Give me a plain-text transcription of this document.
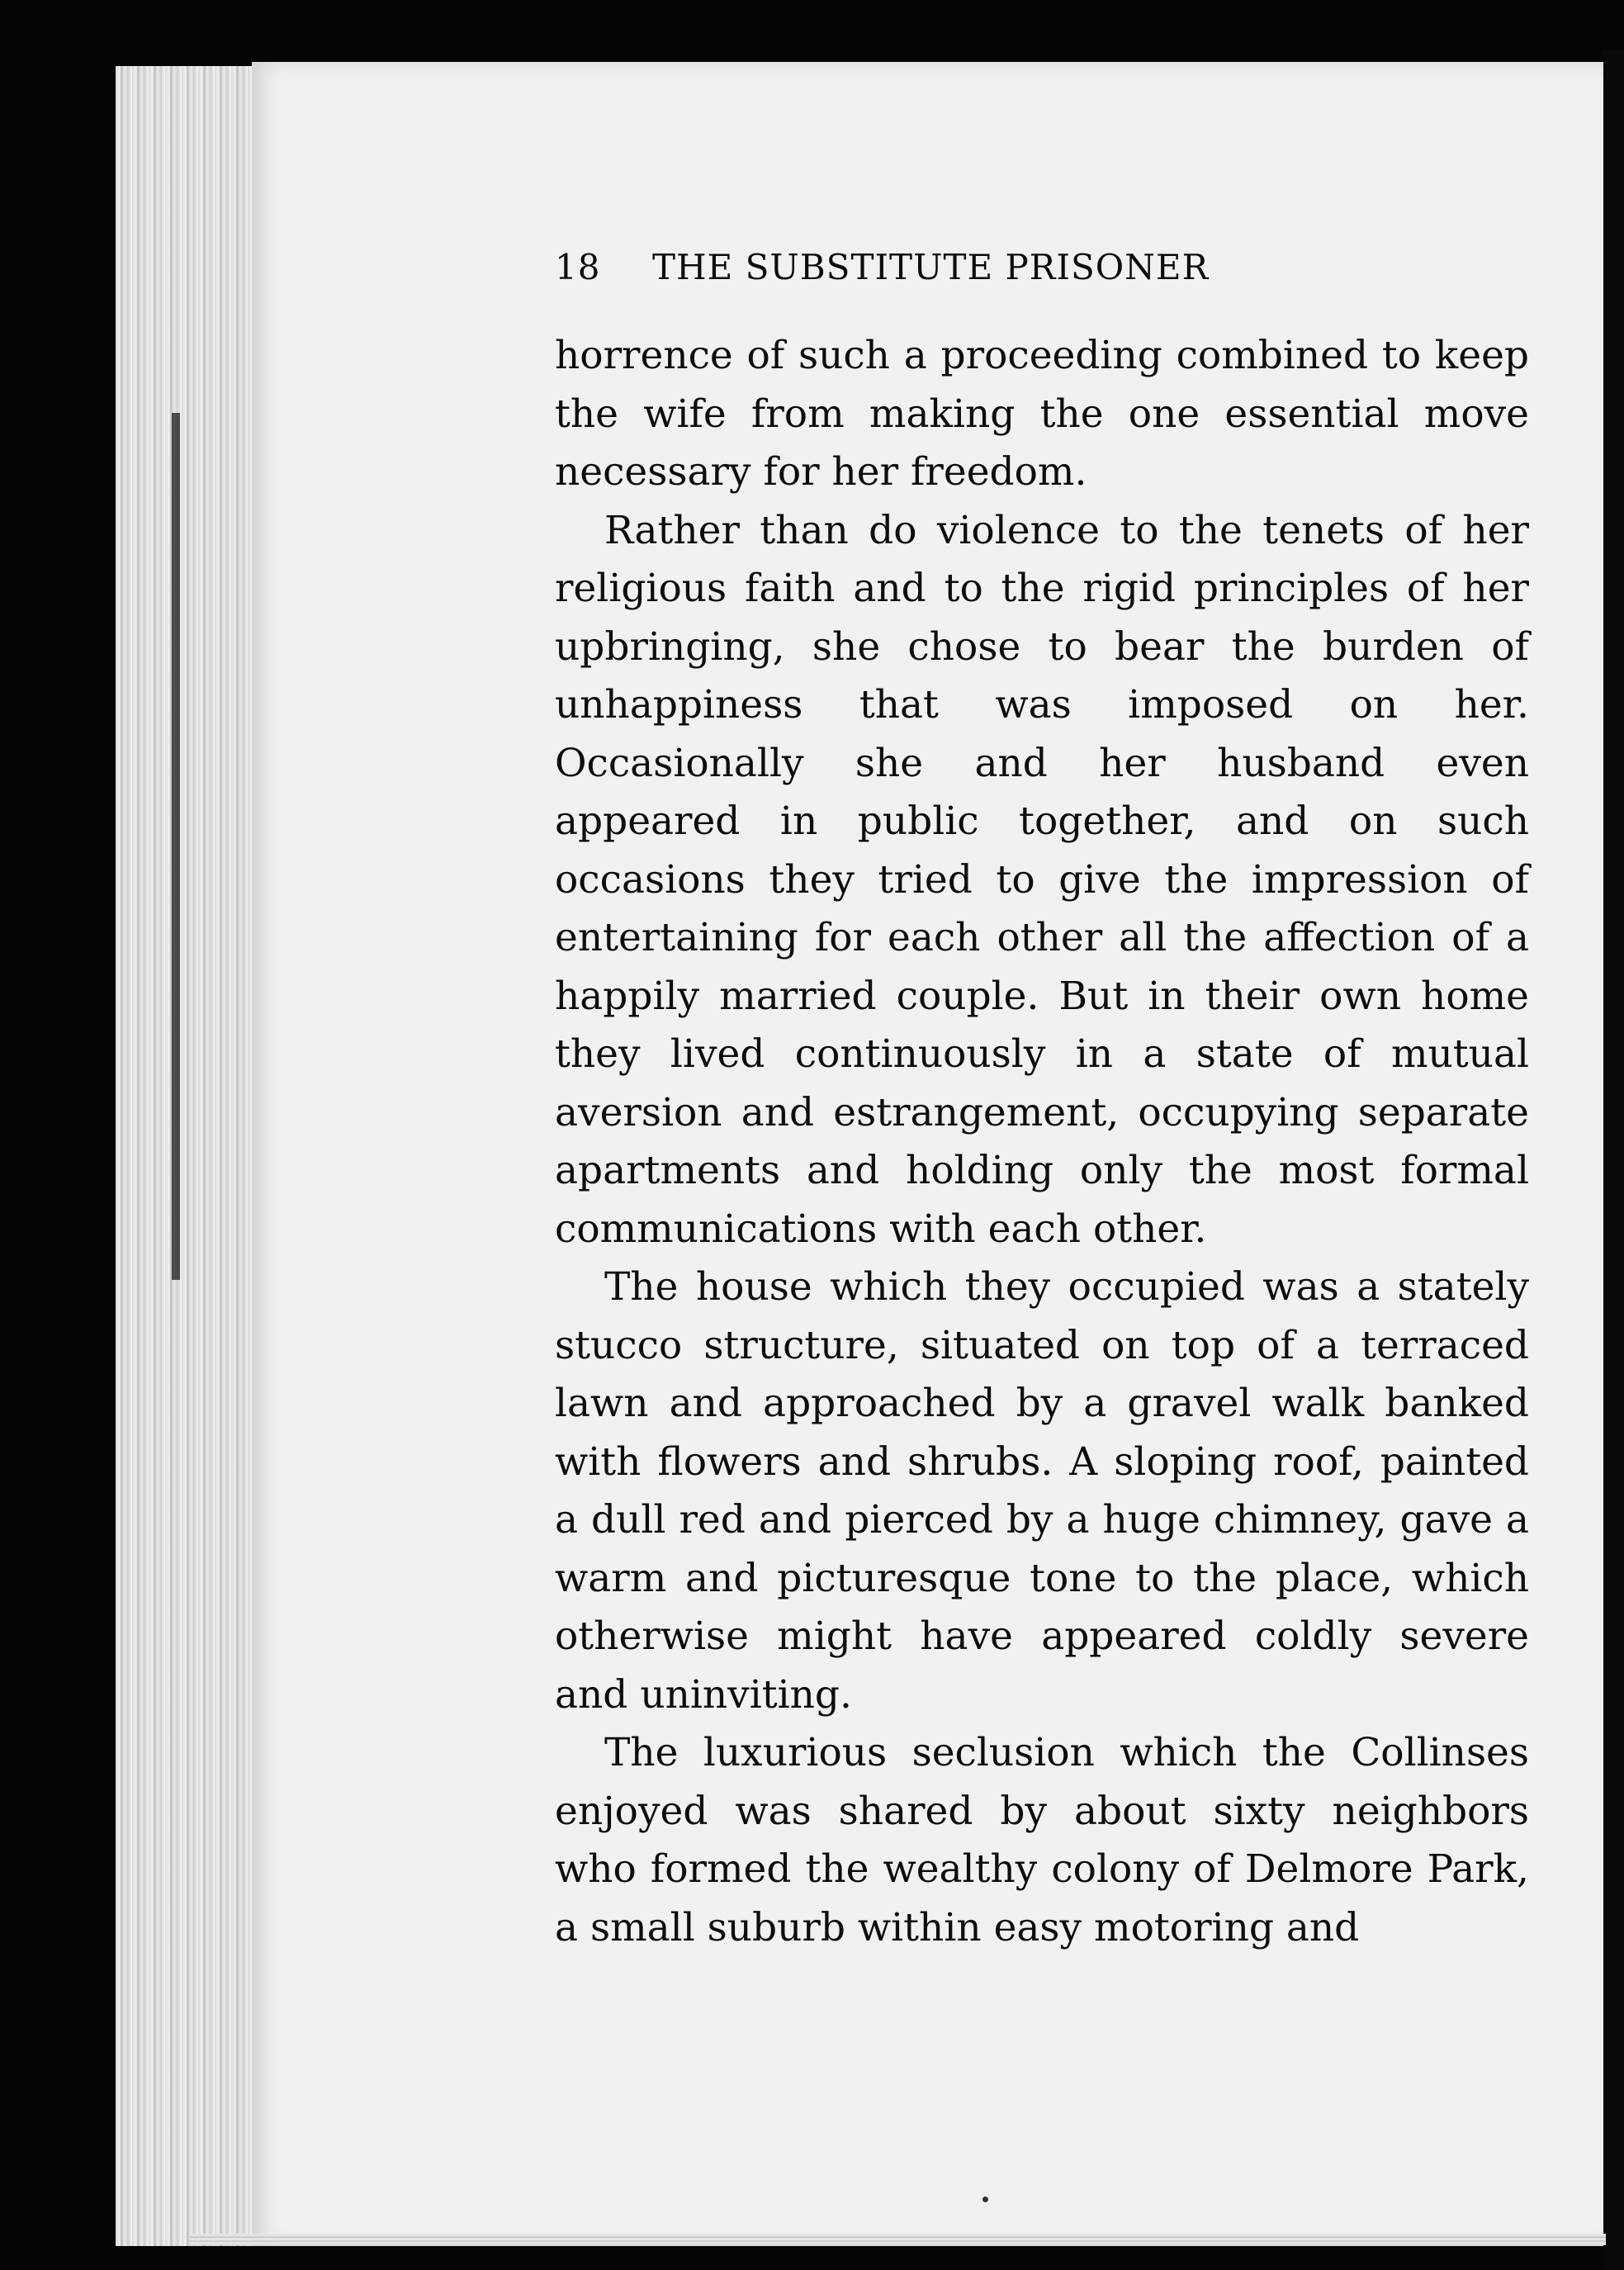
18 THE SUBSTITUTE PRISONER

horrence of such a proceeding combined to keep the wife from making the one essential move necessary for her freedom.

Rather than do violence to the tenets of her religious faith and to the rigid principles of her upbringing, she chose to bear the burden of unhappiness that was imposed on her. Occasionally she and her husband even appeared in public together, and on such occasions they tried to give the impression of entertaining for each other all the affection of a happily married couple. But in their own home they lived continuously in a state of mutual aversion and estrangement, occupying separate apartments and holding only the most formal communications with each other.

The house which they occupied was a stately stucco structure, situated on top of a terraced lawn and approached by a gravel walk banked with flowers and shrubs. A sloping roof, painted a dull red and pierced by a huge chimney, gave a warm and picturesque tone to the place, which otherwise might have appeared coldly severe and uninviting.

The luxurious seclusion which the Collinses enjoyed was shared by about sixty neighbors who formed the wealthy colony of Delmore Park, a small suburb within easy motoring and
